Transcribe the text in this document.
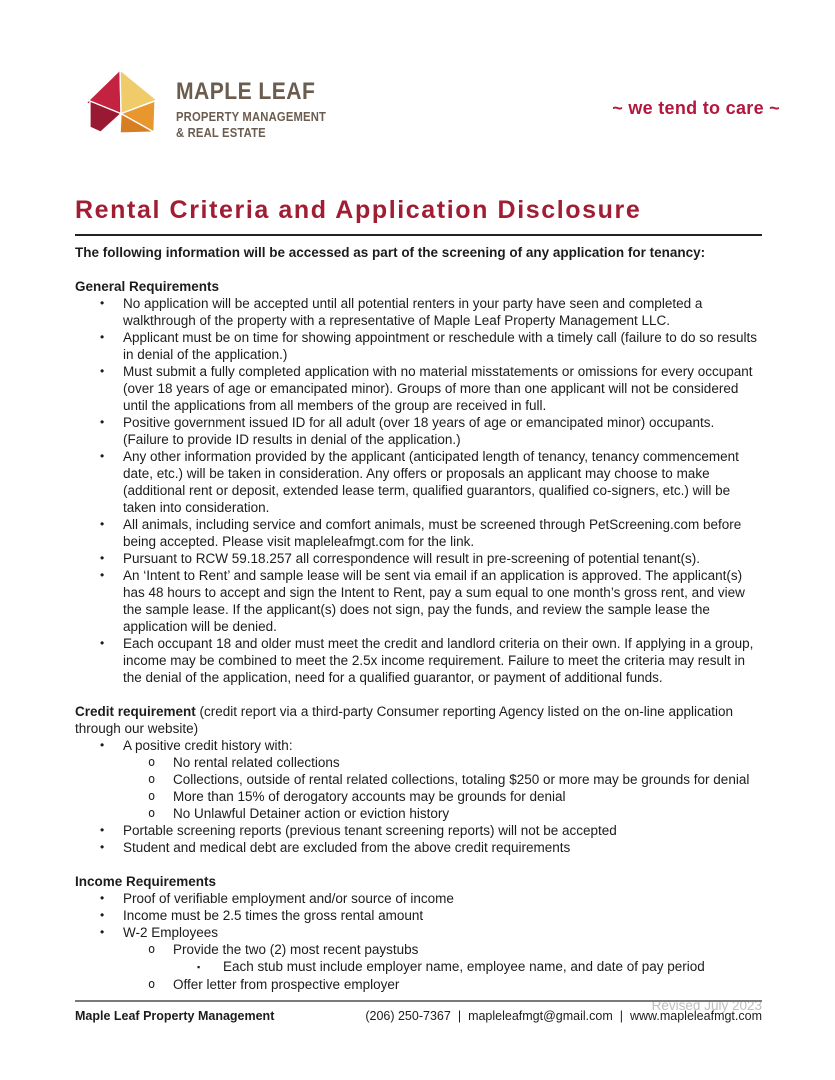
MAPLE LEAF
PROPERTY MANAGEMENT
& REAL ESTATE
~ we tend to care ~
Rental Criteria and Application Disclosure
The following information will be accessed as part of the screening of any application for tenancy:
General Requirements
•	No application will be accepted until all potential renters in your party have seen and completed a walkthrough of the property with a representative of Maple Leaf Property Management LLC.
•	Applicant must be on time for showing appointment or reschedule with a timely call (failure to do so results in denial of the application.)
•	Must submit a fully completed application with no material misstatements or omissions for every occupant (over 18 years of age or emancipated minor). Groups of more than one applicant will not be considered until the applications from all members of the group are received in full.
•	Positive government issued ID for all adult (over 18 years of age or emancipated minor) occupants. (Failure to provide ID results in denial of the application.)
•	Any other information provided by the applicant (anticipated length of tenancy, tenancy commencement date, etc.) will be taken in consideration. Any offers or proposals an applicant may choose to make (additional rent or deposit, extended lease term, qualified guarantors, qualified co-signers, etc.) will be taken into consideration.
•	All animals, including service and comfort animals, must be screened through PetScreening.com before being accepted. Please visit mapleleafmgt.com for the link.
•	Pursuant to RCW 59.18.257 all correspondence will result in pre-screening of potential tenant(s).
•	An ‘Intent to Rent’ and sample lease will be sent via email if an application is approved. The applicant(s) has 48 hours to accept and sign the Intent to Rent, pay a sum equal to one month’s gross rent, and view the sample lease. If the applicant(s) does not sign, pay the funds, and review the sample lease the application will be denied.
•	Each occupant 18 and older must meet the credit and landlord criteria on their own. If applying in a group, income may be combined to meet the 2.5x income requirement. Failure to meet the criteria may result in the denial of the application, need for a qualified guarantor, or payment of additional funds.
Credit requirement (credit report via a third-party Consumer reporting Agency listed on the on-line application through our website)
•	A positive credit history with:
o	No rental related collections
o	Collections, outside of rental related collections, totaling $250 or more may be grounds for denial
o	More than 15% of derogatory accounts may be grounds for denial
o	No Unlawful Detainer action or eviction history
•	Portable screening reports (previous tenant screening reports) will not be accepted
•	Student and medical debt are excluded from the above credit requirements
Income Requirements
•	Proof of verifiable employment and/or source of income
•	Income must be 2.5 times the gross rental amount
•	W-2 Employees
o	Provide the two (2) most recent paystubs
▪	Each stub must include employer name, employee name, and date of pay period
o	Offer letter from prospective employer
Revised July 2023
Maple Leaf Property Management	(206) 250-7367 | mapleleafmgt@gmail.com | www.mapleleafmgt.com
